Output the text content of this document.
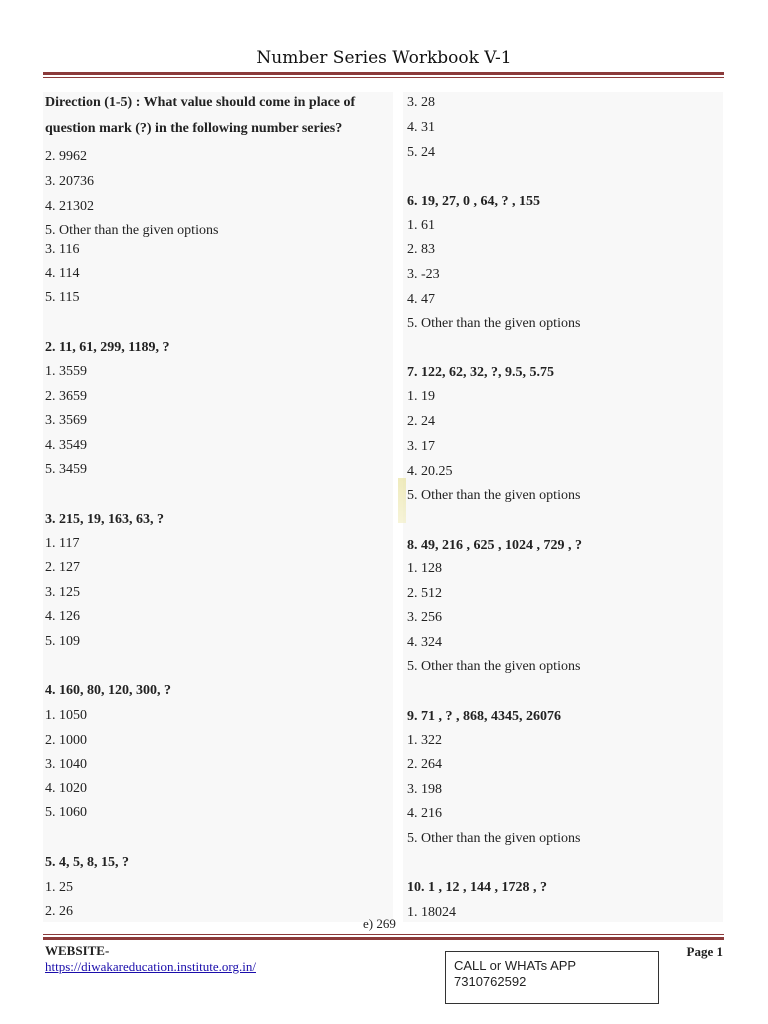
Number Series Workbook V-1
Direction (1-5) : What value should come in place of
question mark (?) in the following number series?
2. 9962
3. 20736
4. 21302
5. Other than the given options
3. 116
4. 114
5. 115
2. 11, 61, 299, 1189, ?
1. 3559
2. 3659
3. 3569
4. 3549
5. 3459
3. 215, 19, 163, 63, ?
1. 117
2. 127
3. 125
4. 126
5. 109
4. 160, 80, 120, 300, ?
1. 1050
2. 1000
3. 1040
4. 1020
5. 1060
5. 4, 5, 8, 15, ?
1. 25
2. 26
3. 28
4. 31
5. 24
6. 19, 27, 0 , 64, ? , 155
1. 61
2. 83
3. -23
4. 47
5. Other than the given options
7. 122, 62, 32, ?, 9.5, 5.75
1. 19
2. 24
3. 17
4. 20.25
5. Other than the given options
8. 49, 216 , 625 , 1024 , 729 , ?
1. 128
2. 512
3. 256
4. 324
5. Other than the given options
9. 71 , ? , 868, 4345, 26076
1. 322
2. 264
3. 198
4. 216
5. Other than the given options
10. 1 , 12 , 144 , 1728 , ?
1. 18024
e) 269
WEBSITE-
https://diwakareducation.institute.org.in/
Page 1
CALL or WHATs APP
7310762592
